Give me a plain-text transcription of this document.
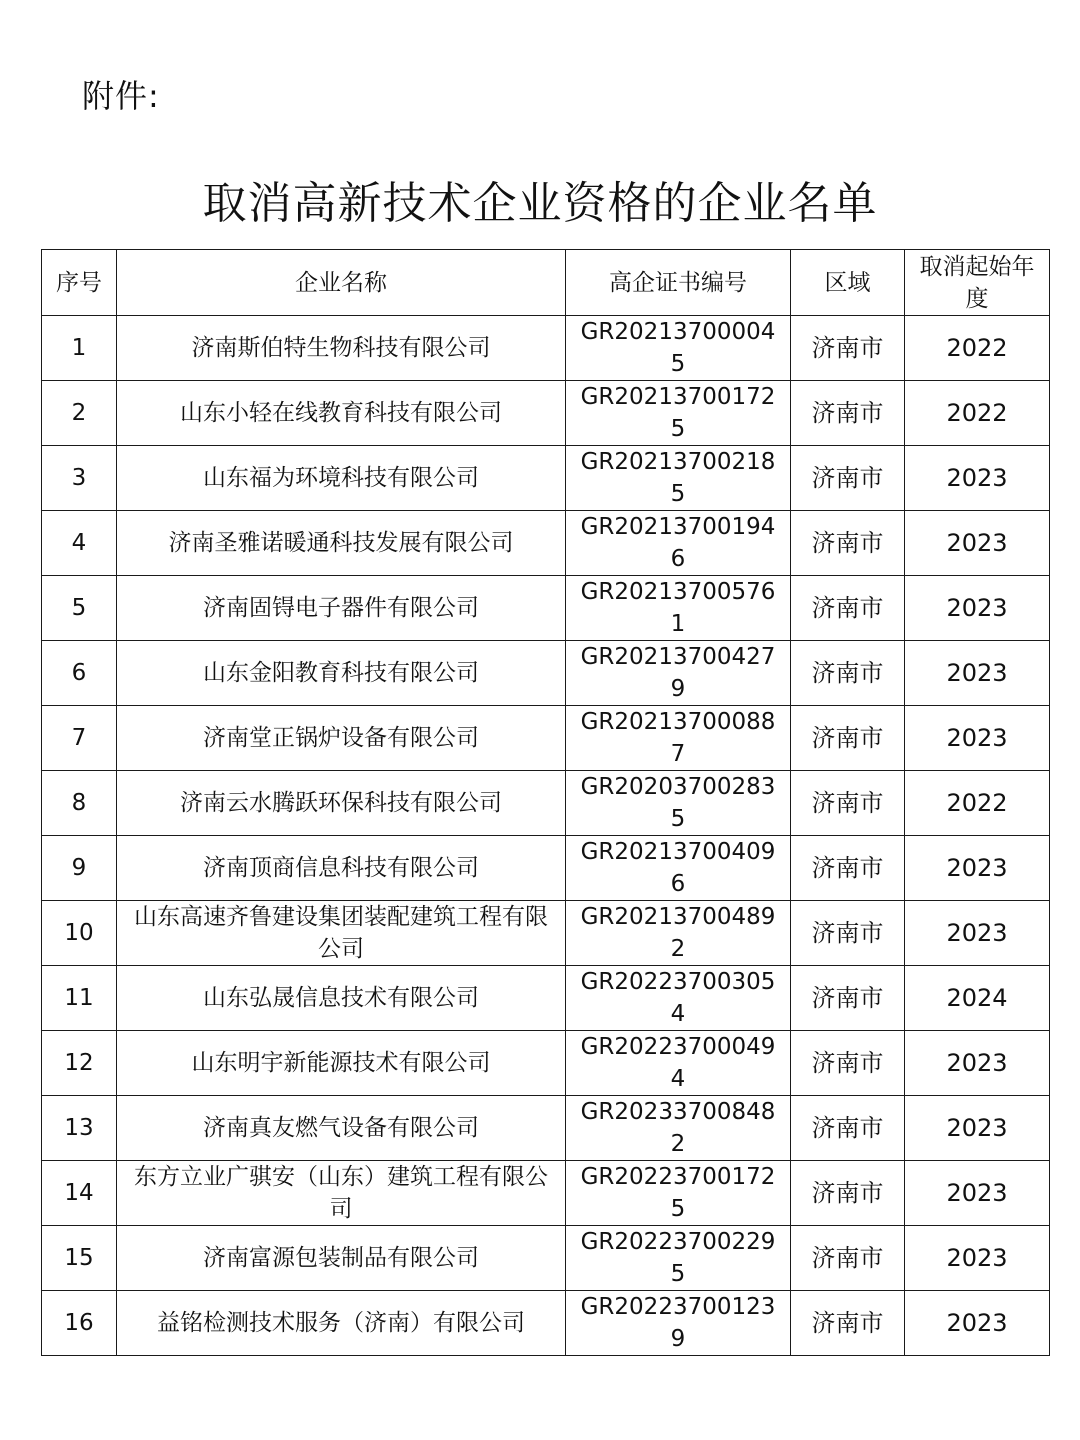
附件:
取消高新技术企业资格的企业名单
序号	企业名称	高企证书编号	区域	取消起始年度
1	济南斯伯特生物科技有限公司	GR202137000045	济南市	2022
2	山东小轻在线教育科技有限公司	GR202137001725	济南市	2022
3	山东福为环境科技有限公司	GR202137002185	济南市	2023
4	济南圣雅诺暖通科技发展有限公司	GR202137001946	济南市	2023
5	济南固锝电子器件有限公司	GR202137005761	济南市	2023
6	山东金阳教育科技有限公司	GR202137004279	济南市	2023
7	济南堂正锅炉设备有限公司	GR202137000887	济南市	2023
8	济南云水腾跃环保科技有限公司	GR202037002835	济南市	2022
9	济南顶商信息科技有限公司	GR202137004096	济南市	2023
10	山东高速齐鲁建设集团装配建筑工程有限公司	GR202137004892	济南市	2023
11	山东弘晟信息技术有限公司	GR202237003054	济南市	2024
12	山东明宇新能源技术有限公司	GR202237000494	济南市	2023
13	济南真友燃气设备有限公司	GR202337008482	济南市	2023
14	东方立业广骐安（山东）建筑工程有限公司	GR202237001725	济南市	2023
15	济南富源包装制品有限公司	GR202237002295	济南市	2023
16	益铭检测技术服务（济南）有限公司	GR202237001239	济南市	2023
